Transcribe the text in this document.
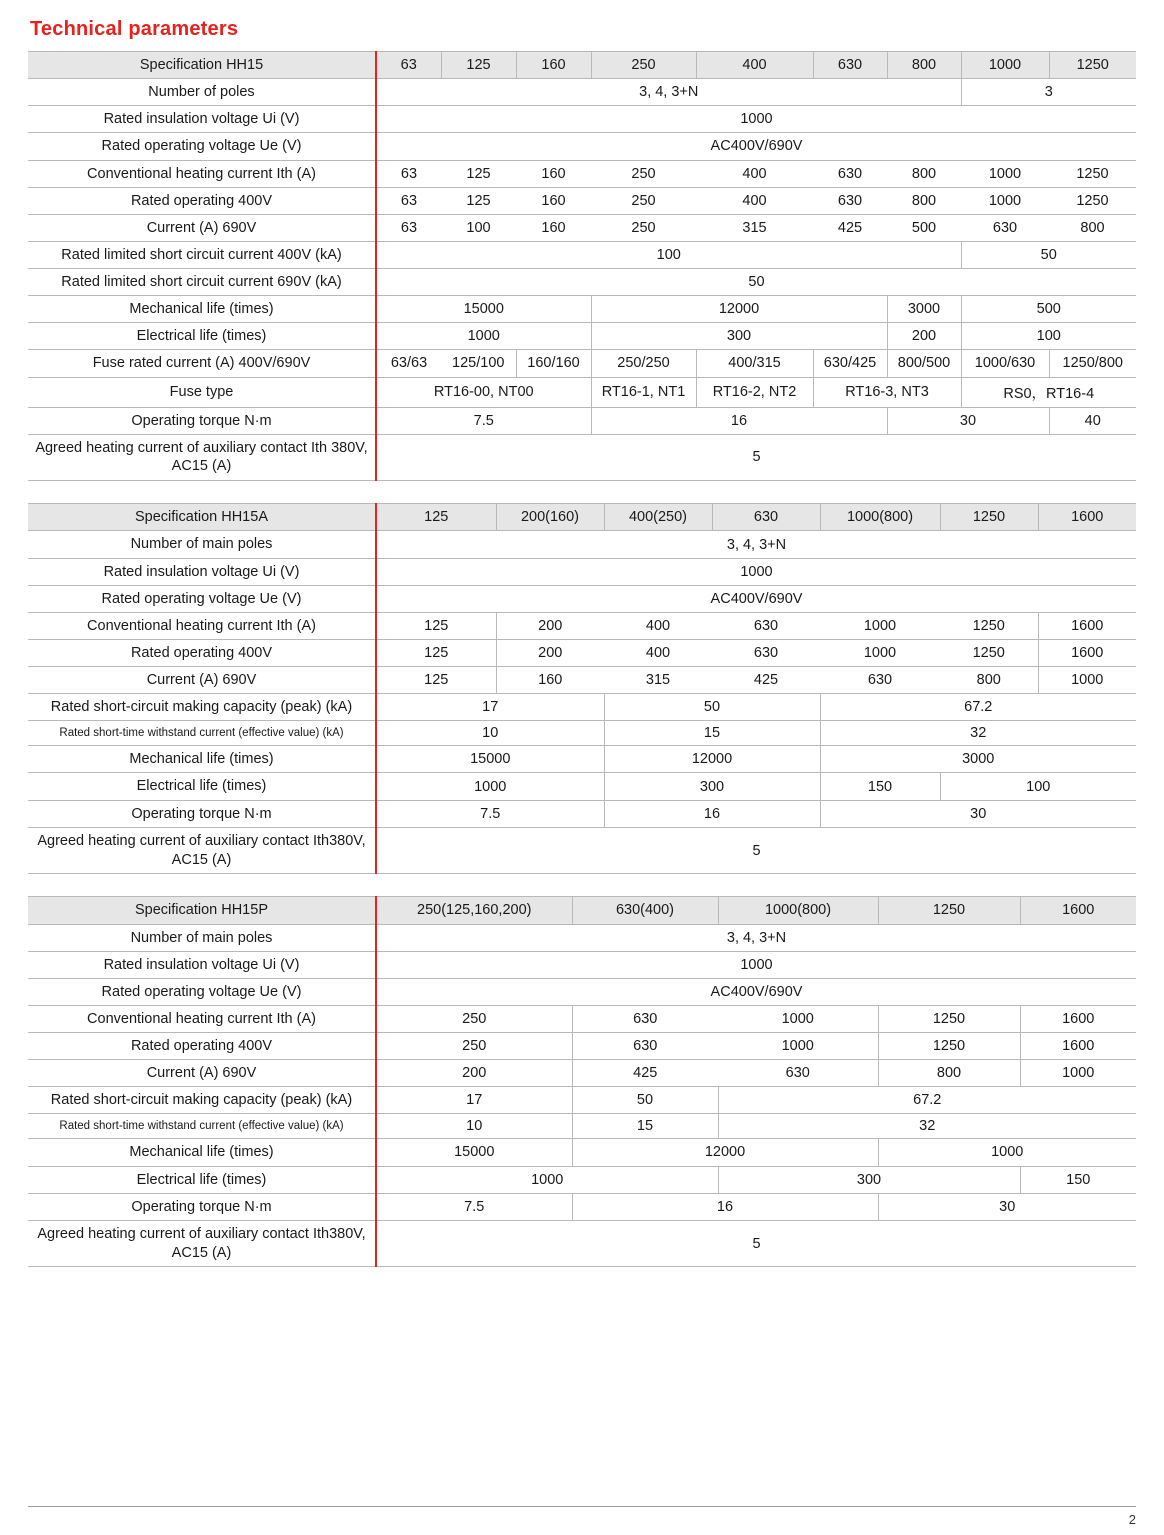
Technical parameters
Specification HH15	63	125	160	250	400	630	800	1000	1250
Number of poles	3, 4, 3+N							3	
Rated insulation voltage Ui (V)	1000								
Rated operating voltage Ue (V)	AC400V/690V								
Conventional heating current Ith (A)	63	125	160	250	400	630	800	1000	1250
Rated operating 400V	63	125	160	250	400	630	800	1000	1250
Current (A) 690V	63	100	160	250	315	425	500	630	800
Rated limited short circuit current 400V (kA)	100							50	
Rated limited short circuit current 690V (kA)	50								
Mechanical life (times)	15000			12000			3000	500	
Electrical life (times)	1000			300			200	100	
Fuse rated current (A) 400V/690V	63/63	125/100	160/160	250/250	400/315	630/425	800/500	1000/630	1250/800
Fuse type	RT16-00, NT00			RT16-1, NT1	RT16-2, NT2	RT16-3, NT3		RS0，RT16-4	
Operating torque N·m	7.5			16			30		40
Agreed heating current of auxiliary contact Ith 380V, AC15 (A)	5								
Specification HH15A	125	200(160)	400(250)	630	1000(800)	1250	1600
Number of main poles	3, 4, 3+N						
Rated insulation voltage Ui (V)	1000						
Rated operating voltage Ue (V)	AC400V/690V						
Conventional heating current Ith (A)	125	200	400	630	1000	1250	1600
Rated operating 400V	125	200	400	630	1000	1250	1600
Current (A) 690V	125	160	315	425	630	800	1000
Rated short-circuit making capacity (peak) (kA)	17		50		67.2		
Rated short-time withstand current (effective value) (kA)	10		15		32		
Mechanical life (times)	15000		12000		3000		
Electrical life (times)	1000		300		150	100	
Operating torque N·m	7.5		16		30		
Agreed heating current of auxiliary contact Ith380V, AC15 (A)	5						
Specification HH15P	250(125,160,200)	630(400)	1000(800)	1250	1600
Number of main poles	3, 4, 3+N				
Rated insulation voltage Ui (V)	1000				
Rated operating voltage Ue (V)	AC400V/690V				
Conventional heating current Ith (A)	250	630	1000	1250	1600
Rated operating 400V	250	630	1000	1250	1600
Current (A) 690V	200	425	630	800	1000
Rated short-circuit making capacity (peak) (kA)	17	50	67.2		
Rated short-time withstand current (effective value) (kA)	10	15	32		
Mechanical life (times)	15000	12000		1000	
Electrical life (times)	1000		300		150
Operating torque N·m	7.5	16		30	
Agreed heating current of auxiliary contact Ith380V, AC15 (A)	5				
2
